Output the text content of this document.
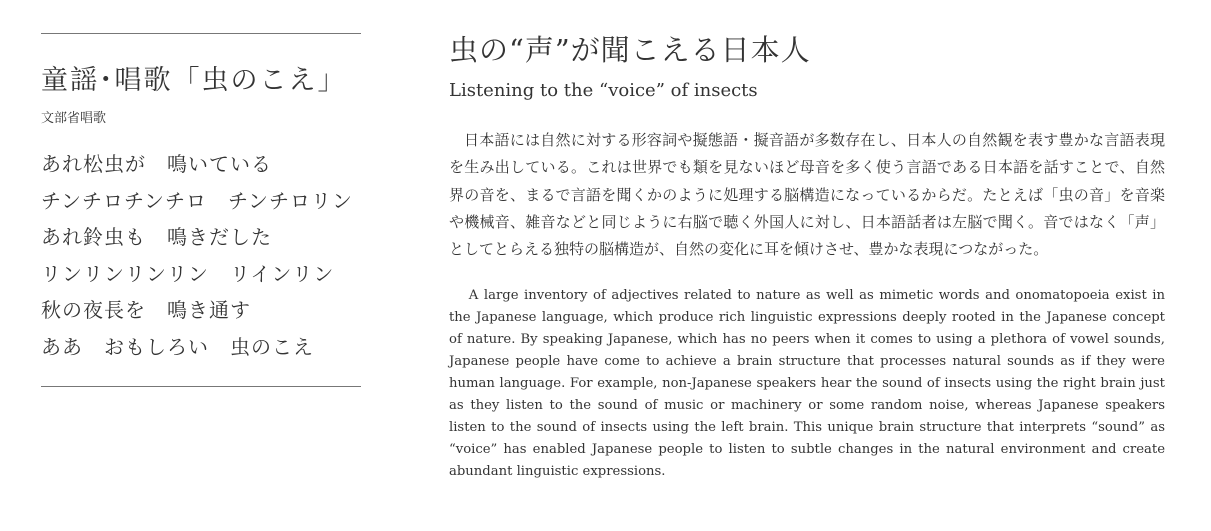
童謡･唱歌「虫のこえ」
文部省唱歌
あれ松虫が　鳴いている
チンチロチンチロ　チンチロリン
あれ鈴虫も　鳴きだした
リンリンリンリン　リインリン
秋の夜長を　鳴き通す
ああ　おもしろい　虫のこえ
虫の“声”が聞こえる日本人
Listening to the “voice” of insects

日本語には自然に対する形容詞や擬態語・擬音語が多数存在し、日本人の自然観を表す豊かな言語表現を生み出している。これは世界でも類を見ないほど母音を多く使う言語である日本語を話すことで、自然界の音を、まるで言語を聞くかのように処理する脳構造になっているからだ。たとえば「虫の音」を音楽や機械音、雑音などと同じように右脳で聴く外国人に対し、日本語話者は左脳で聞く。音ではなく「声」としてとらえる独特の脳構造が、自然の変化に耳を傾けさせ、豊かな表現につながった。

A large inventory of adjectives related to nature as well as mimetic words and onomatopoeia exist in the Japanese language, which produce rich linguistic expressions deeply rooted in the Japanese concept of nature. By speaking Japanese, which has no peers when it comes to using a plethora of vowel sounds, Japanese people have come to achieve a brain structure that processes natural sounds as if they were human language. For example, non-Japanese speakers hear the sound of insects using the right brain just as they listen to the sound of music or machinery or some random noise, whereas Japanese speakers listen to the sound of insects using the left brain. This unique brain structure that interprets “sound” as “voice” has enabled Japanese people to listen to subtle changes in the natural environment and create abundant linguistic expressions.
